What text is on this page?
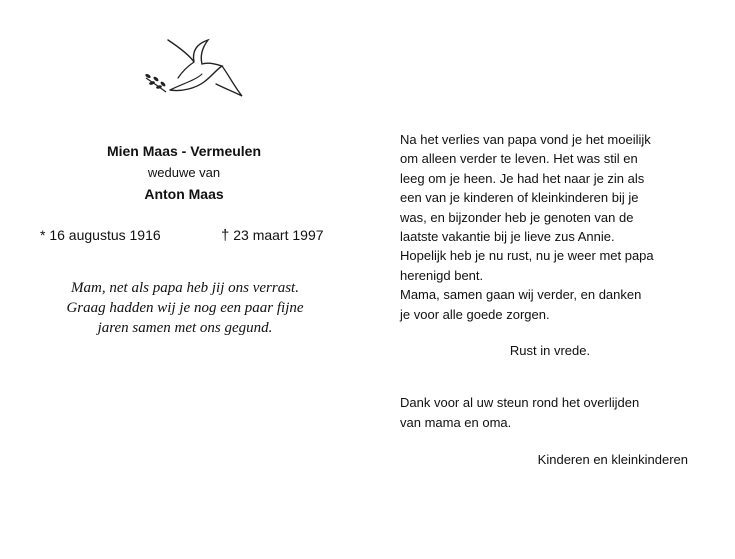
Mien Maas - Vermeulen
weduwe van
Anton Maas
* 16 augustus 1916	† 23 maart 1997
Mam, net als papa heb jij ons verrast.
Graag hadden wij je nog een paar fijne
jaren samen met ons gegund.
Na het verlies van papa vond je het moeilijk
om alleen verder te leven. Het was stil en
leeg om je heen. Je had het naar je zin als
een van je kinderen of kleinkinderen bij je
was, en bijzonder heb je genoten van de
laatste vakantie bij je lieve zus Annie.
Hopelijk heb je nu rust, nu je weer met papa
herenigd bent.
Mama, samen gaan wij verder, en danken
je voor alle goede zorgen.
Rust in vrede.
Dank voor al uw steun rond het overlijden
van mama en oma.
Kinderen en kleinkinderen
